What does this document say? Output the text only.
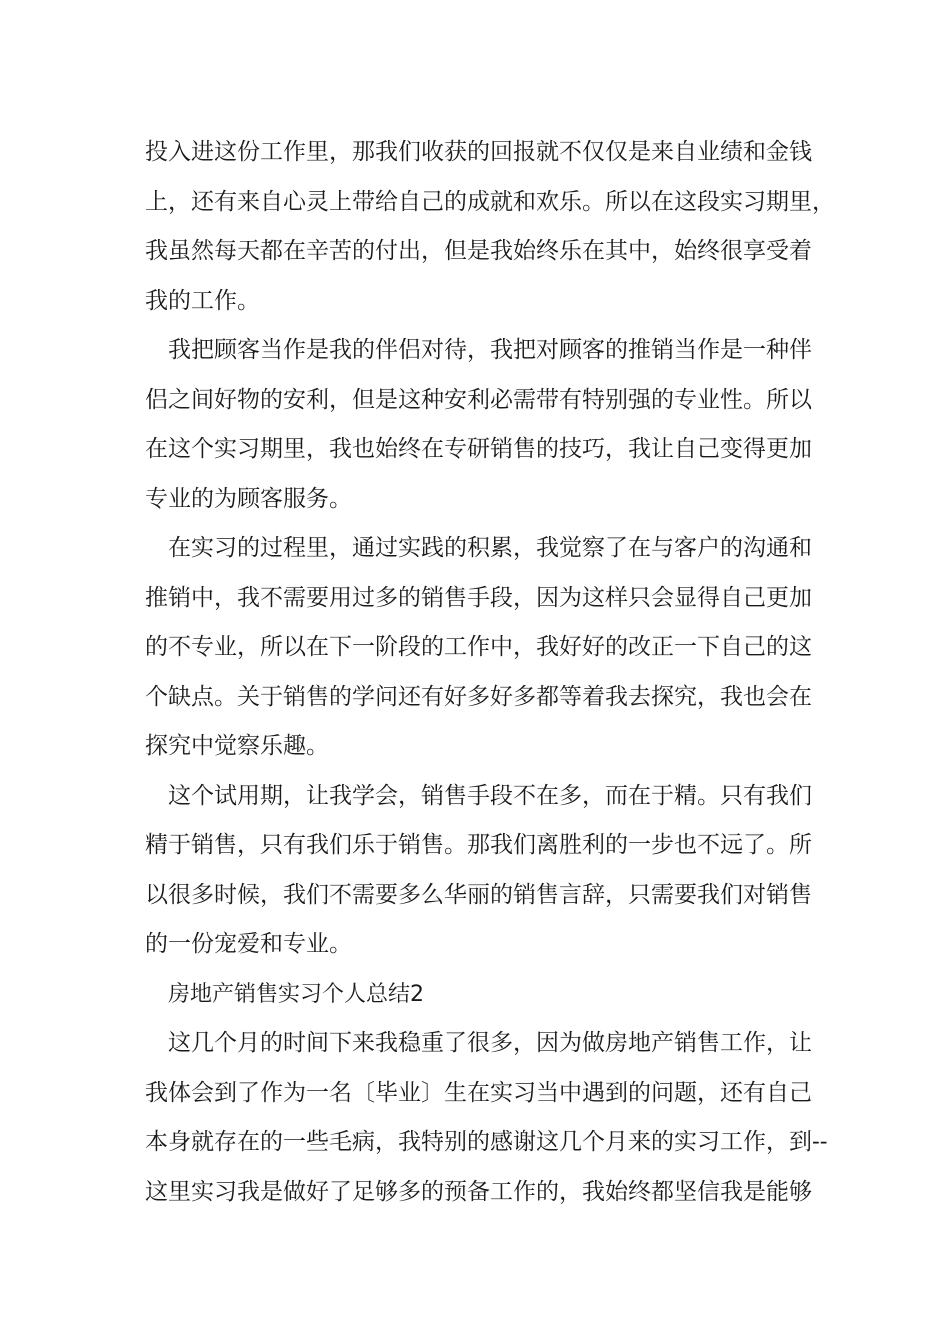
投入进这份工作里，那我们收获的回报就不仅仅是来自业绩和金钱
上，还有来自心灵上带给自己的成就和欢乐。所以在这段实习期里，
我虽然每天都在辛苦的付出，但是我始终乐在其中，始终很享受着
我的工作。
我把顾客当作是我的伴侣对待，我把对顾客的推销当作是一种伴
侣之间好物的安利，但是这种安利必需带有特别强的专业性。所以
在这个实习期里，我也始终在专研销售的技巧，我让自己变得更加
专业的为顾客服务。
在实习的过程里，通过实践的积累，我觉察了在与客户的沟通和
推销中，我不需要用过多的销售手段，因为这样只会显得自己更加
的不专业，所以在下一阶段的工作中，我好好的改正一下自己的这
个缺点。关于销售的学问还有好多好多都等着我去探究，我也会在
探究中觉察乐趣。
这个试用期，让我学会，销售手段不在多，而在于精。只有我们
精于销售，只有我们乐于销售。那我们离胜利的一步也不远了。所
以很多时候，我们不需要多么华丽的销售言辞，只需要我们对销售
的一份宠爱和专业。
房地产销售实习个人总结2
这几个月的时间下来我稳重了很多，因为做房地产销售工作，让
我体会到了作为一名〔毕业〕生在实习当中遇到的问题，还有自己
本身就存在的一些毛病，我特别的感谢这几个月来的实习工作，到--
这里实习我是做好了足够多的预备工作的，我始终都坚信我是能够
